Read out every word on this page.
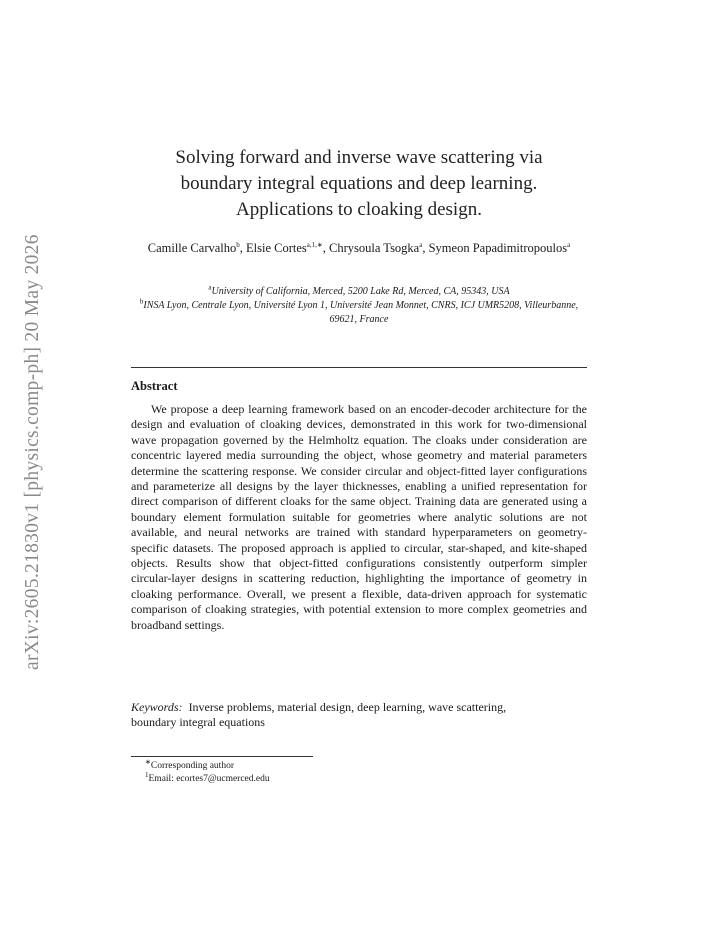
arXiv:2605.21830v1 [physics.comp-ph] 20 May 2026
Solving forward and inverse wave scattering via
boundary integral equations and deep learning.
Applications to cloaking design.
Camille Carvalho$^b$, Elsie Cortes$^{a,1,∗}$, Chrysoula Tsogka$^a$, Symeon Papadimitropoulos$^a$
$^a$University of California, Merced, 5200 Lake Rd, Merced, CA, 95343, USA
$^b$INSA Lyon, Centrale Lyon, Université Lyon 1, Université Jean Monnet, CNRS, ICJ UMR5208, Villeurbanne, 69621, France
Abstract

We propose a deep learning framework based on an encoder-decoder architecture for the design and evaluation of cloaking devices, demonstrated in this work for two-dimensional wave propagation governed by the Helmholtz equation. The cloaks under consideration are concentric layered media surrounding the object, whose geometry and material parameters determine the scattering response. We consider circular and object-fitted layer configurations and parameterize all designs by the layer thicknesses, enabling a unified representation for direct comparison of different cloaks for the same object. Training data are generated using a boundary element formulation suitable for geometries where analytic solutions are not available, and neural networks are trained with standard hyperparameters on geometry-specific datasets. The proposed approach is applied to circular, star-shaped, and kite-shaped objects. Results show that object-fitted configurations consistently outperform simpler circular-layer designs in scattering reduction, highlighting the importance of geometry in cloaking performance. Overall, we present a flexible, data-driven approach for systematic comparison of cloaking strategies, with potential extension to more complex geometries and broadband settings.

Keywords: Inverse problems, material design, deep learning, wave scattering, boundary integral equations

∗Corresponding author
$^1$Email: ecortes7@ucmerced.edu
